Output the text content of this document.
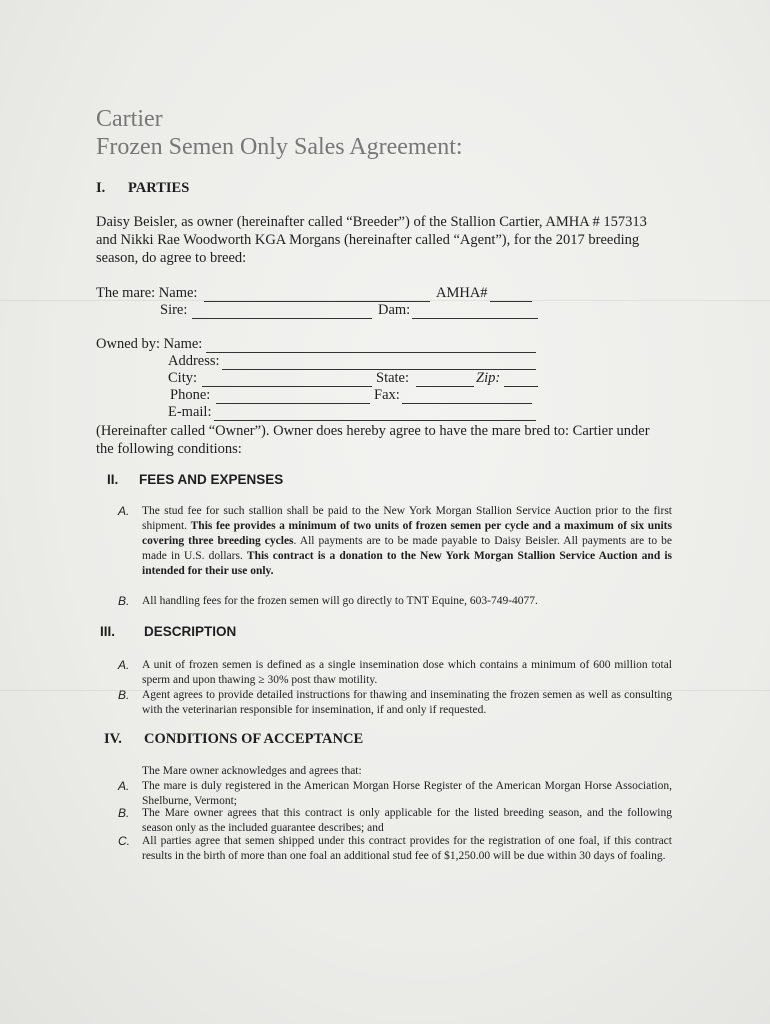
Cartier
Frozen Semen Only Sales Agreement:
I. PARTIES
Daisy Beisler, as owner (hereinafter called “Breeder”) of the Stallion Cartier, AMHA # 157313 and Nikki Rae Woodworth KGA Morgans (hereinafter called “Agent”), for the 2017 breeding season, do agree to breed:
The mare: Name:	AMHA#
Sire:	Dam:
Owned by: Name:
Address:
City:	State:	Zip:
Phone:	Fax:
E-mail:
(Hereinafter called “Owner”). Owner does hereby agree to have the mare bred to: Cartier under the following conditions:
II. FEES AND EXPENSES
A. The stud fee for such stallion shall be paid to the New York Morgan Stallion Service Auction prior to the first shipment. This fee provides a minimum of two units of frozen semen per cycle and a maximum of six units covering three breeding cycles. All payments are to be made payable to Daisy Beisler. All payments are to be made in U.S. dollars. This contract is a donation to the New York Morgan Stallion Service Auction and is intended for their use only.
B. All handling fees for the frozen semen will go directly to TNT Equine, 603-749-4077.
III. DESCRIPTION
A. A unit of frozen semen is defined as a single insemination dose which contains a minimum of 600 million total sperm and upon thawing ≥ 30% post thaw motility.
B. Agent agrees to provide detailed instructions for thawing and inseminating the frozen semen as well as consulting with the veterinarian responsible for insemination, if and only if requested.
IV. CONDITIONS OF ACCEPTANCE
The Mare owner acknowledges and agrees that:
A. The mare is duly registered in the American Morgan Horse Register of the American Morgan Horse Association, Shelburne, Vermont;
B. The Mare owner agrees that this contract is only applicable for the listed breeding season, and the following season only as the included guarantee describes; and
C. All parties agree that semen shipped under this contract provides for the registration of one foal, if this contract results in the birth of more than one foal an additional stud fee of $1,250.00 will be due within 30 days of foaling.
